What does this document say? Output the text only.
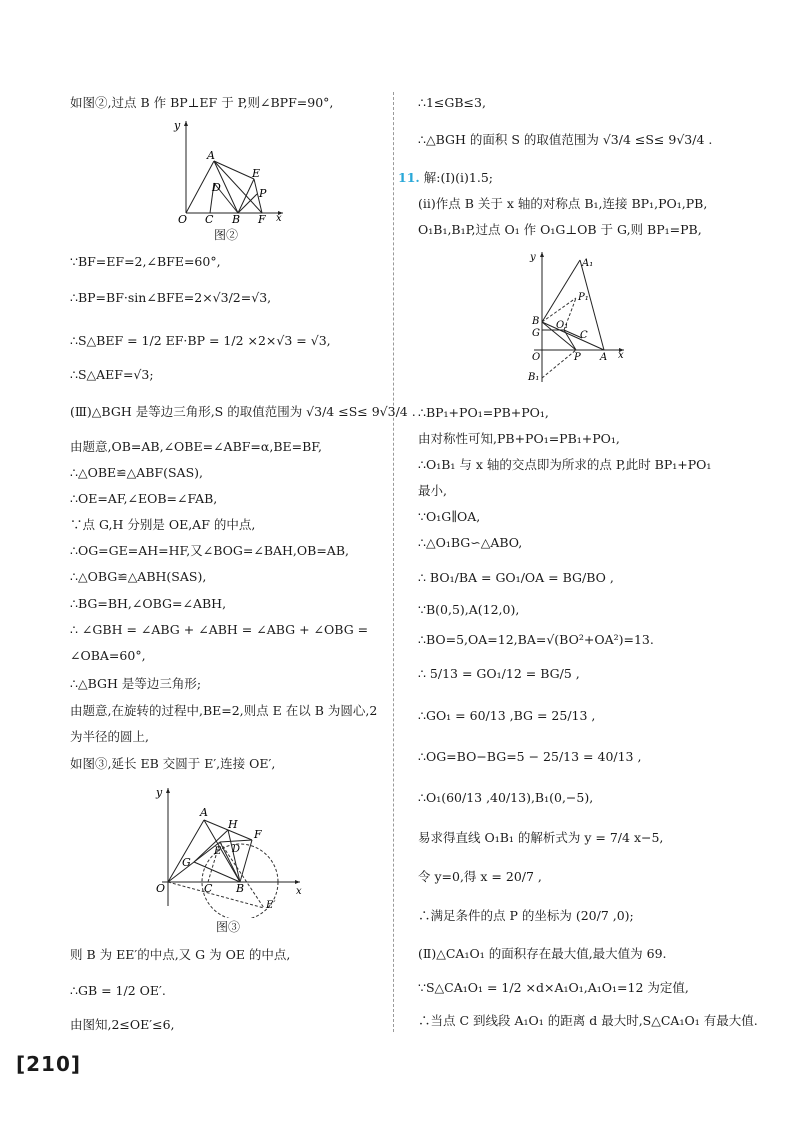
如图②,过点 B 作 BP⊥EF 于 P,则∠BPF=90°,
y
O
A
D
C B
E
P
F x
图②
∵BF=EF=2,∠BFE=60°,
∴BP=BF·sin∠BFE=2×√3/2=√3,
∴S△BEF = 1/2 EF·BP = 1/2 ×2×√3 = √3,
∴S△AEF=√3;
(Ⅲ)△BGH 是等边三角形,S 的取值范围为 √3/4 ≤S≤ 9√3/4 .
由题意,OB=AB,∠OBE=∠ABF=α,BE=BF,
∴△OBE≌△ABF(SAS),
∴OE=AF,∠EOB=∠FAB,
∵点 G,H 分别是 OE,AF 的中点,
∴OG=GE=AH=HF,又∠BOG=∠BAH,OB=AB,
∴△OBG≌△ABH(SAS),
∴BG=BH,∠OBG=∠ABH,
∴ ∠GBH = ∠ABG + ∠ABH = ∠ABG + ∠OBG =
∠OBA=60°,
∴△BGH 是等边三角形;
由题意,在旋转的过程中,BE=2,则点 E 在以 B 为圆心,2
为半径的圆上,
如图③,延长 EB 交圆于 E′,连接 OE′,
y
O
A
H
F
E D
G
C B
E′
x
图③
则 B 为 EE′的中点,又 G 为 OE 的中点,
∴GB = 1/2 OE′.
由图知,2≤OE′≤6,
[210]
∴1≤GB≤3,
∴△BGH 的面积 S 的取值范围为 √3/4 ≤S≤ 9√3/4 .
11. 解:(Ⅰ)(ⅰ)1.5;
(ⅱ)作点 B 关于 x 轴的对称点 B₁,连接 BP₁,PO₁,PB,
O₁B₁,B₁P,过点 O₁ 作 O₁G⊥OB 于 G,则 BP₁=PB,
y
A₁
P₁
B
G
O₁
C
O	P A x
B₁
∴BP₁+PO₁=PB+PO₁,
由对称性可知,PB+PO₁=PB₁+PO₁,
∴O₁B₁ 与 x 轴的交点即为所求的点 P,此时 BP₁+PO₁
最小,
∵O₁G∥OA,
∴△O₁BG∽△ABO,
∴ BO₁/BA = GO₁/OA = BG/BO ,
∵B(0,5),A(12,0),
∴BO=5,OA=12,BA=√(BO²+OA²)=13.
∴ 5/13 = GO₁/12 = BG/5 ,
∴GO₁ = 60/13 ,BG = 25/13 ,
∴OG=BO−BG=5 − 25/13 = 40/13 ,
∴O₁(60/13 ,40/13),B₁(0,−5),
易求得直线 O₁B₁ 的解析式为 y = 7/4 x−5,
令 y=0,得 x = 20/7 ,
∴满足条件的点 P 的坐标为 (20/7 ,0);
(Ⅱ)△CA₁O₁ 的面积存在最大值,最大值为 69.
∵S△CA₁O₁ = 1/2 ×d×A₁O₁,A₁O₁=12 为定值,
∴当点 C 到线段 A₁O₁ 的距离 d 最大时,S△CA₁O₁ 有最大值.
